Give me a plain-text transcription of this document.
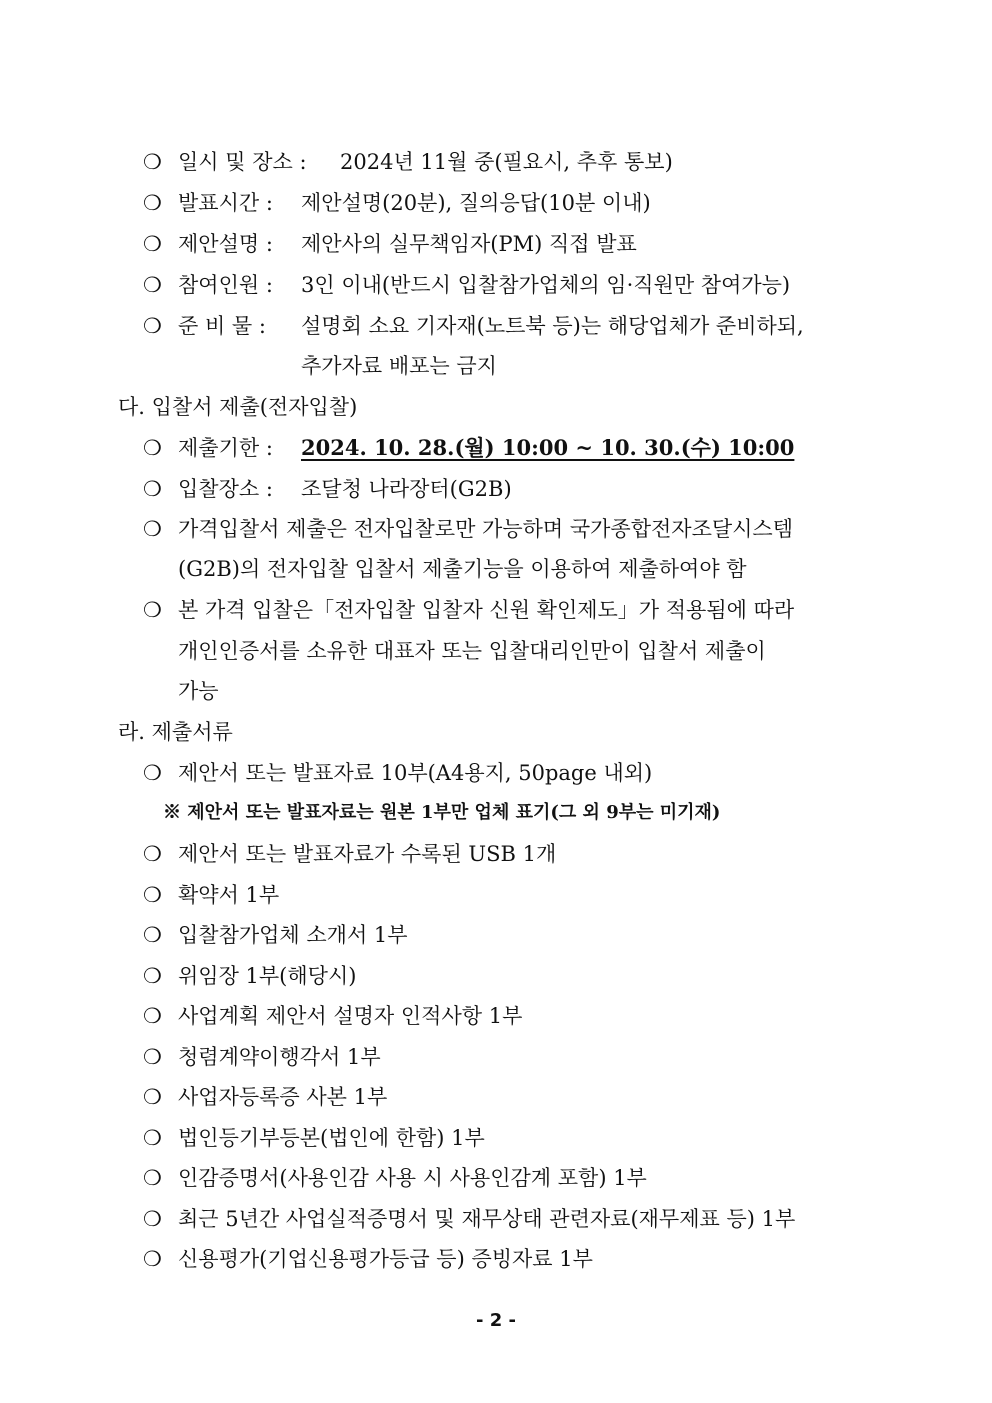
❍ 일시 및 장소 : 2024년 11월 중(필요시, 추후 통보)
❍ 발표시간 : 제안설명(20분), 질의응답(10분 이내)
❍ 제안설명 : 제안사의 실무책임자(PM) 직접 발표
❍ 참여인원 : 3인 이내(반드시 입찰참가업체의 임·직원만 참여가능)
❍ 준 비 물 : 설명회 소요 기자재(노트북 등)는 해당업체가 준비하되,
추가자료 배포는 금지
다. 입찰서 제출(전자입찰)
❍ 제출기한 : 2024. 10. 28.(월) 10:00 ~ 10. 30.(수) 10:00
❍ 입찰장소 : 조달청 나라장터(G2B)
❍ 가격입찰서 제출은 전자입찰로만 가능하며 국가종합전자조달시스템
(G2B)의 전자입찰 입찰서 제출기능을 이용하여 제출하여야 함
❍ 본 가격 입찰은「전자입찰 입찰자 신원 확인제도」가 적용됨에 따라
개인인증서를 소유한 대표자 또는 입찰대리인만이 입찰서 제출이
가능
라. 제출서류
❍ 제안서 또는 발표자료 10부(A4용지, 50page 내외)
※ 제안서 또는 발표자료는 원본 1부만 업체 표기(그 외 9부는 미기재)
❍ 제안서 또는 발표자료가 수록된 USB 1개
❍ 확약서 1부
❍ 입찰참가업체 소개서 1부
❍ 위임장 1부(해당시)
❍ 사업계획 제안서 설명자 인적사항 1부
❍ 청렴계약이행각서 1부
❍ 사업자등록증 사본 1부
❍ 법인등기부등본(법인에 한함) 1부
❍ 인감증명서(사용인감 사용 시 사용인감계 포함) 1부
❍ 최근 5년간 사업실적증명서 및 재무상태 관련자료(재무제표 등) 1부
❍ 신용평가(기업신용평가등급 등) 증빙자료 1부
- 2 -
